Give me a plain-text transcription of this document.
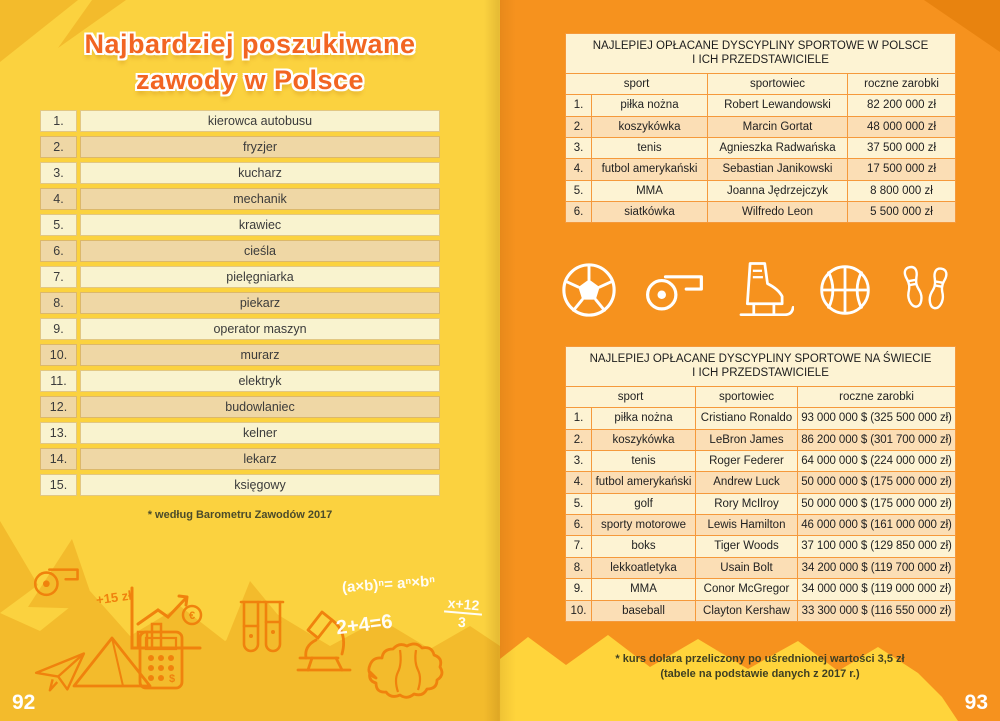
Najbardziej poszukiwane
zawody w Polsce
1.	kierowca autobusu
2.	fryzjer
3.	kucharz
4.	mechanik
5.	krawiec
6.	cieśla
7.	pielęgniarka
8.	piekarz
9.	operator maszyn
10.	murarz
11.	elektryk
12.	budowlaniec
13.	kelner
14.	lekarz
15.	księgowy
* według Barometru Zawodów 2017
+15 zł
€
$
(a×b)ⁿ= aⁿ×bⁿ
2+4=6	$\frac{x+12}{3}$
92
NAJLEPIEJ OPŁACANE DYSCYPLINY SPORTOWE W POLSCE
I ICH PRZEDSTAWICIELE			

sport		sportowiec	roczne zarobki
1.	piłka nożna	Robert Lewandowski	82 200 000 zł
2.	koszykówka	Marcin Gortat	48 000 000 zł
3.	tenis	Agnieszka Radwańska	37 500 000 zł
4.	futbol amerykański	Sebastian Janikowski	17 500 000 zł
5.	MMA	Joanna Jędrzejczyk	8 800 000 zł
6.	siatkówka	Wilfredo Leon	5 500 000 zł
NAJLEPIEJ OPŁACANE DYSCYPLINY SPORTOWE NA ŚWIECIE
I ICH PRZEDSTAWICIELE			

sport		sportowiec	roczne zarobki
1.	piłka nożna	Cristiano Ronaldo	93 000 000 $ (325 500 000 zł)
2.	koszykówka	LeBron James	86 200 000 $ (301 700 000 zł)
3.	tenis	Roger Federer	64 000 000 $ (224 000 000 zł)
4.	futbol amerykański	Andrew Luck	50 000 000 $ (175 000 000 zł)
5.	golf	Rory McIlroy	50 000 000 $ (175 000 000 zł)
6.	sporty motorowe	Lewis Hamilton	46 000 000 $ (161 000 000 zł)
7.	boks	Tiger Woods	37 100 000 $ (129 850 000 zł)
8.	lekkoatletyka	Usain Bolt	34 200 000 $ (119 700 000 zł)
9.	MMA	Conor McGregor	34 000 000 $ (119 000 000 zł)
10.	baseball	Clayton Kershaw	33 300 000 $ (116 550 000 zł)
* kurs dolara przeliczony po uśrednionej wartości 3,5 zł
(tabele na podstawie danych z 2017 r.)
93
